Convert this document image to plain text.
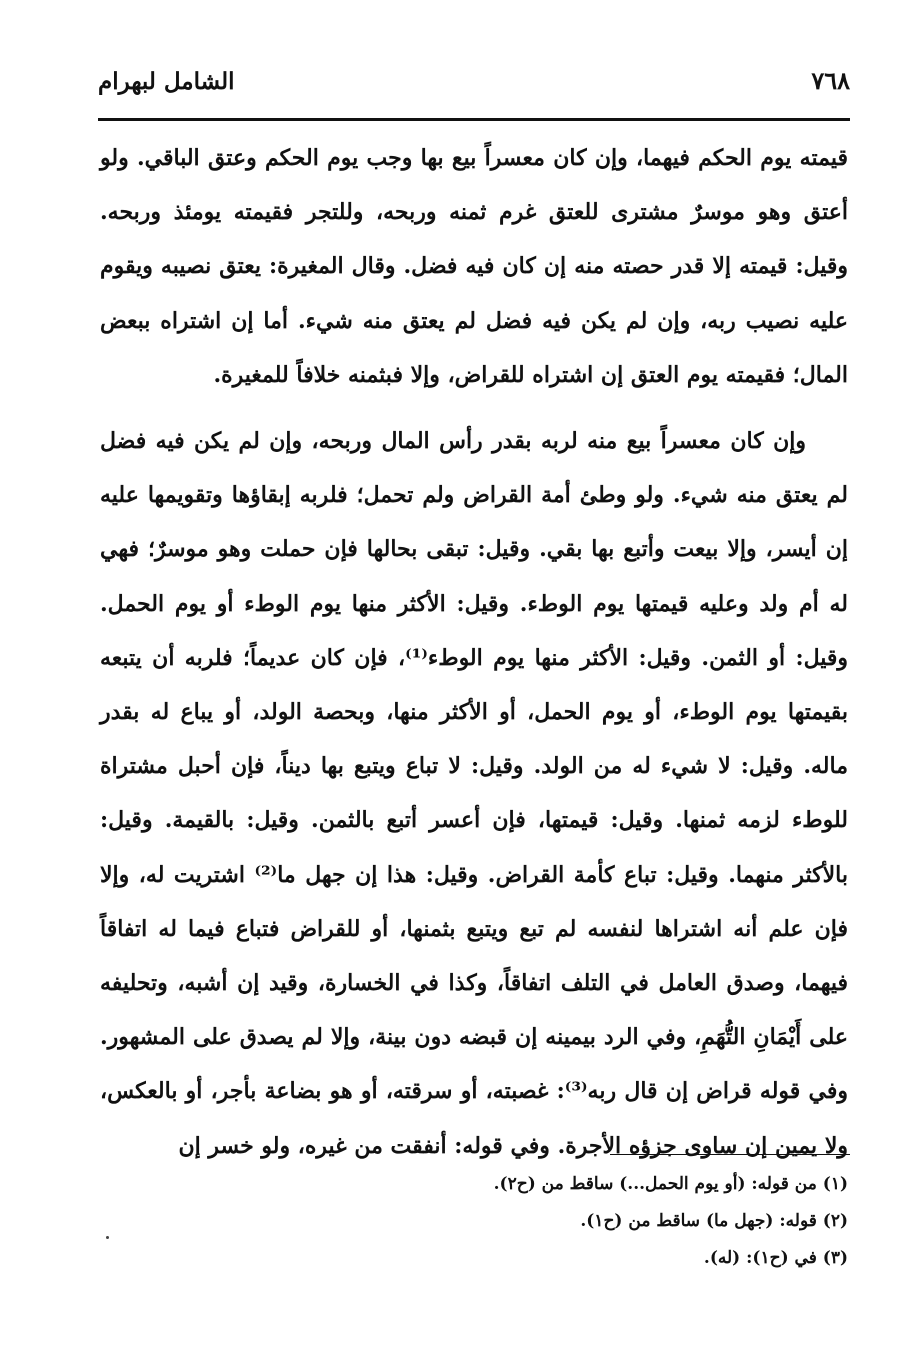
٧٦٨
الشامل لبهرام

قيمته يوم الحكم فيهما، وإن كان معسراً بيع بها وجب يوم الحكم وعتق الباقي. ولو أعتق وهو موسرٌ مشترى للعتق غرم ثمنه وربحه، وللتجر فقيمته يومئذ وربحه. وقيل: قيمته إلا قدر حصته منه إن كان فيه فضل. وقال المغيرة: يعتق نصيبه ويقوم عليه نصيب ربه، وإن لم يكن فيه فضل لم يعتق منه شيء. أما إن اشتراه ببعض المال؛ فقيمته يوم العتق إن اشتراه للقراض، وإلا فبثمنه خلافاً للمغيرة.

وإن كان معسراً بيع منه لربه بقدر رأس المال وربحه، وإن لم يكن فيه فضل لم يعتق منه شيء. ولو وطئ أمة القراض ولم تحمل؛ فلربه إبقاؤها وتقويمها عليه إن أيسر، وإلا بيعت وأتبع بها بقي. وقيل: تبقى بحالها فإن حملت وهو موسرٌ؛ فهي له أم ولد وعليه قيمتها يوم الوطء. وقيل: الأكثر منها يوم الوطء أو يوم الحمل. وقيل: أو الثمن. وقيل: الأكثر منها يوم الوطء⁽¹⁾، فإن كان عديماً؛ فلربه أن يتبعه بقيمتها يوم الوطء، أو يوم الحمل، أو الأكثر منها، وبحصة الولد، أو يباع له بقدر ماله. وقيل: لا شيء له من الولد. وقيل: لا تباع ويتبع بها ديناً، فإن أحبل مشتراة للوطء لزمه ثمنها. وقيل: قيمتها، فإن أعسر أتبع بالثمن. وقيل: بالقيمة. وقيل: بالأكثر منهما. وقيل: تباع كأمة القراض. وقيل: هذا إن جهل ما⁽²⁾ اشتريت له، وإلا فإن علم أنه اشتراها لنفسه لم تبع ويتبع بثمنها، أو للقراض فتباع فيما له اتفاقاً فيهما، وصدق العامل في التلف اتفاقاً، وكذا في الخسارة، وقيد إن أشبه، وتحليفه على أَيْمَانِ التُّهَمِ، وفي الرد بيمينه إن قبضه دون بينة، وإلا لم يصدق على المشهور. وفي قوله قراض إن قال ربه⁽³⁾: غصبته، أو سرقته، أو هو بضاعة بأجر، أو بالعكس، ولا يمين إن ساوى جزؤه الأجرة. وفي قوله: أنفقت من غيره، ولو خسر إن

(١) من قوله: (أو يوم الحمل...) ساقط من (ح٢).
(٢) قوله: (جهل ما) ساقط من (ح١).
(٣) في (ح١): (له).
